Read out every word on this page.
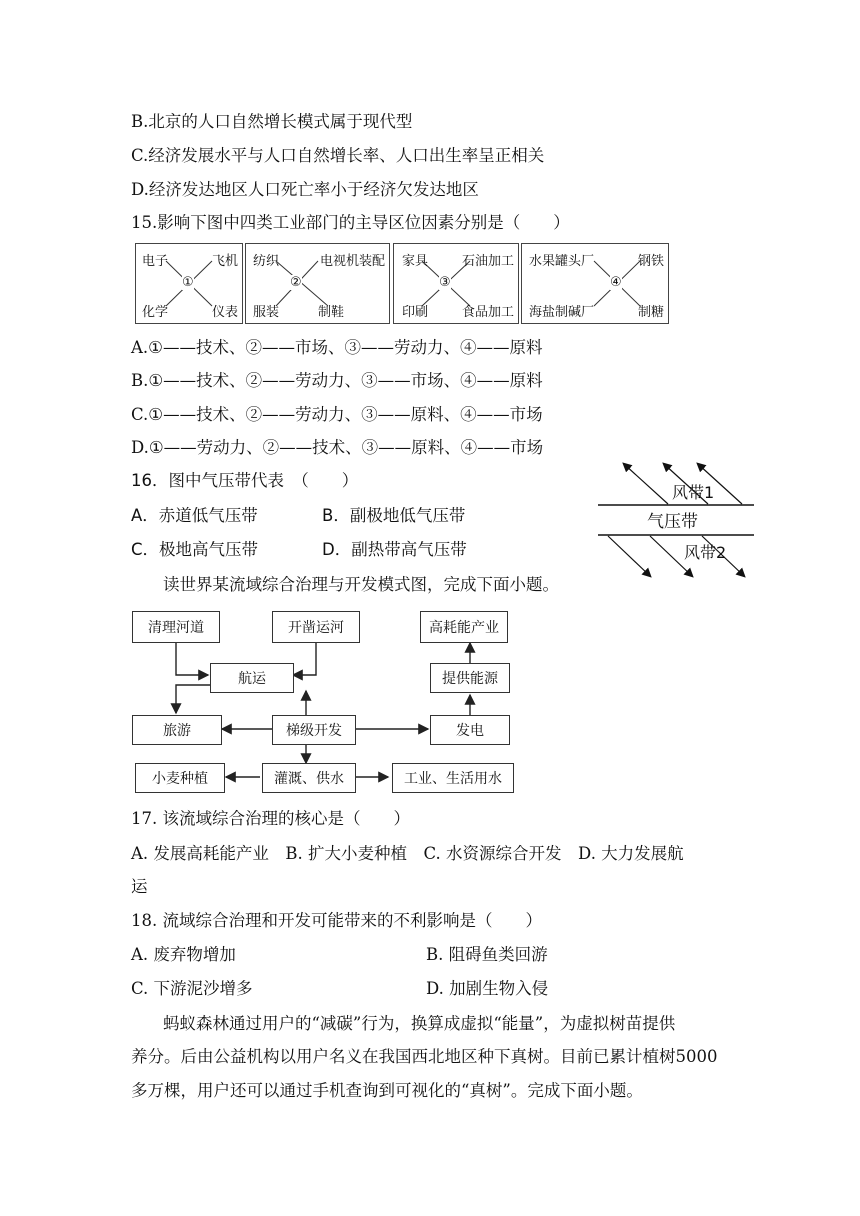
B.北京的人口自然增长模式属于现代型
C.经济发展水平与人口自然增长率、人口出生率呈正相关
D.经济发达地区人口死亡率小于经济欠发达地区
15.影响下图中四类工业部门的主导区位因素分别是（　　）
电子	飞机
①
化学	仪表
纺织	电视机装配
②
服装	制鞋
家具	石油加工
③
印刷	食品加工
水果罐头厂	钢铁
④
海盐制碱厂	制糖
A.①——技术、②——市场、③——劳动力、④——原料
B.①——技术、②——劳动力、③——市场、④——原料
C.①——技术、②——劳动力、③——原料、④——市场
D.①——劳动力、②——技术、③——原料、④——市场
16．图中气压带代表　（　　）
A．赤道低气压带	B．副极地低气压带
C．极地高气压带	D．副热带高气压带
风带1
气压带
风带2
读世界某流域综合治理与开发模式图，完成下面小题。
清理河道	开凿运河	高耗能产业
航运	提供能源
旅游	梯级开发	发电
小麦种植	灌溉、供水	工业、生活用水
17. 该流域综合治理的核心是（　　）
A. 发展高耗能产业　B. 扩大小麦种植　C. 水资源综合开发　D. 大力发展航
运
18. 流域综合治理和开发可能带来的不利影响是（　　）
A. 废弃物增加	B. 阻碍鱼类回游
C. 下游泥沙增多	D. 加剧生物入侵
蚂蚁森林通过用户的“减碳”行为，换算成虚拟“能量”，为虚拟树苗提供
养分。后由公益机构以用户名义在我国西北地区种下真树。目前已累计植树5000
多万棵，用户还可以通过手机查询到可视化的“真树”。完成下面小题。
